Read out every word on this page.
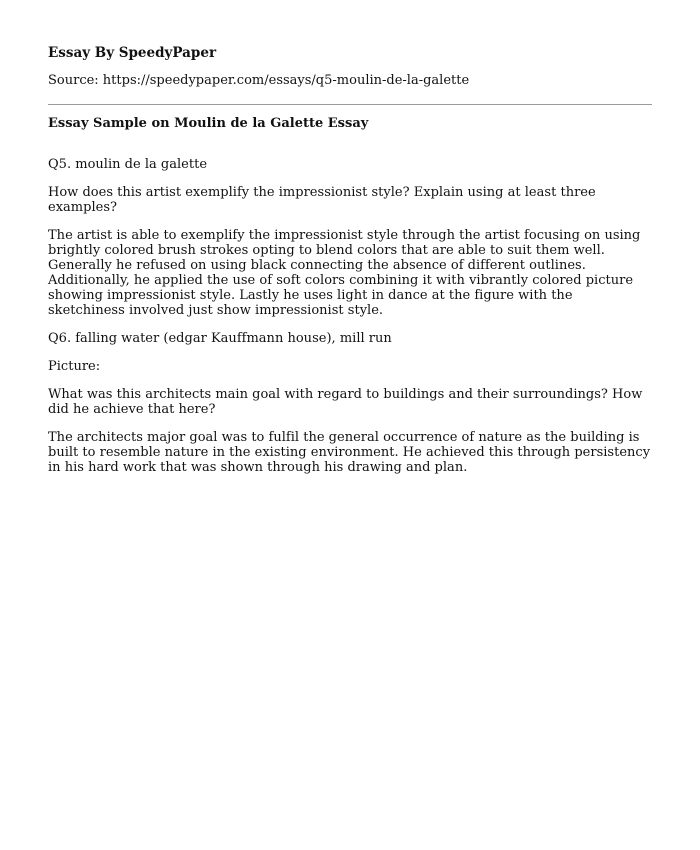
Essay By SpeedyPaper
Source: https://speedypaper.com/essays/q5-moulin-de-la-galette
Essay Sample on Moulin de la Galette Essay

Q5. moulin de la galette

How does this artist exemplify the impressionist style? Explain using at least three examples?

The artist is able to exemplify the impressionist style through the artist focusing on using brightly colored brush strokes opting to blend colors that are able to suit them well. Generally he refused on using black connecting the absence of different outlines. Additionally, he applied the use of soft colors combining it with vibrantly colored picture showing impressionist style. Lastly he uses light in dance at the figure with the sketchiness involved just show impressionist style.

Q6. falling water (edgar Kauffmann house), mill run

Picture:

What was this architects main goal with regard to buildings and their surroundings? How did he achieve that here?

The architects major goal was to fulfil the general occurrence of nature as the building is built to resemble nature in the existing environment. He achieved this through persistency in his hard work that was shown through his drawing and plan.
